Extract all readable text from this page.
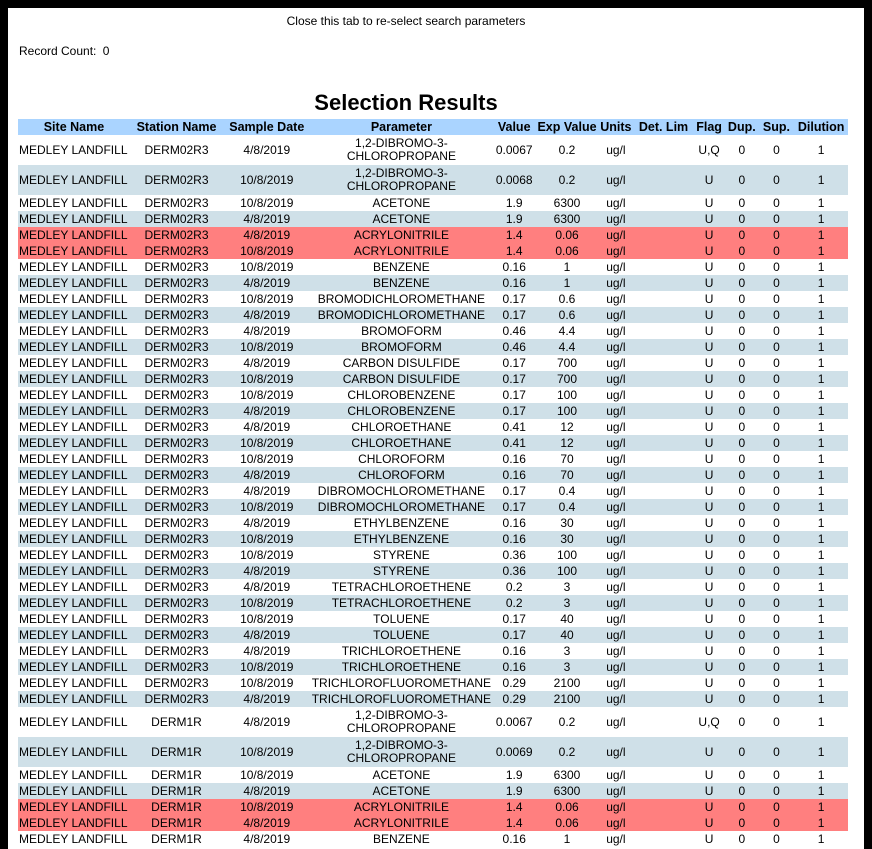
Close this tab to re-select search parameters
Record Count: 0
Selection Results
Site Name	Station Name	Sample Date	Parameter	Value	Exp Value	Units	Det. Lim	Flag	Dup.	Sup.	Dilution
MEDLEY LANDFILL	DERM02R3	4/8/2019	1,2-DIBROMO-3-CHLOROPROPANE	0.0067	0.2	ug/l		U,Q	0	0	1
MEDLEY LANDFILL	DERM02R3	10/8/2019	1,2-DIBROMO-3-CHLOROPROPANE	0.0068	0.2	ug/l		U	0	0	1
MEDLEY LANDFILL	DERM02R3	10/8/2019	ACETONE	1.9	6300	ug/l		U	0	0	1
MEDLEY LANDFILL	DERM02R3	4/8/2019	ACETONE	1.9	6300	ug/l		U	0	0	1
MEDLEY LANDFILL	DERM02R3	4/8/2019	ACRYLONITRILE	1.4	0.06	ug/l		U	0	0	1
MEDLEY LANDFILL	DERM02R3	10/8/2019	ACRYLONITRILE	1.4	0.06	ug/l		U	0	0	1
MEDLEY LANDFILL	DERM02R3	10/8/2019	BENZENE	0.16	1	ug/l		U	0	0	1
MEDLEY LANDFILL	DERM02R3	4/8/2019	BENZENE	0.16	1	ug/l		U	0	0	1
MEDLEY LANDFILL	DERM02R3	10/8/2019	BROMODICHLOROMETHANE	0.17	0.6	ug/l		U	0	0	1
MEDLEY LANDFILL	DERM02R3	4/8/2019	BROMODICHLOROMETHANE	0.17	0.6	ug/l		U	0	0	1
MEDLEY LANDFILL	DERM02R3	4/8/2019	BROMOFORM	0.46	4.4	ug/l		U	0	0	1
MEDLEY LANDFILL	DERM02R3	10/8/2019	BROMOFORM	0.46	4.4	ug/l		U	0	0	1
MEDLEY LANDFILL	DERM02R3	4/8/2019	CARBON DISULFIDE	0.17	700	ug/l		U	0	0	1
MEDLEY LANDFILL	DERM02R3	10/8/2019	CARBON DISULFIDE	0.17	700	ug/l		U	0	0	1
MEDLEY LANDFILL	DERM02R3	10/8/2019	CHLOROBENZENE	0.17	100	ug/l		U	0	0	1
MEDLEY LANDFILL	DERM02R3	4/8/2019	CHLOROBENZENE	0.17	100	ug/l		U	0	0	1
MEDLEY LANDFILL	DERM02R3	4/8/2019	CHLOROETHANE	0.41	12	ug/l		U	0	0	1
MEDLEY LANDFILL	DERM02R3	10/8/2019	CHLOROETHANE	0.41	12	ug/l		U	0	0	1
MEDLEY LANDFILL	DERM02R3	10/8/2019	CHLOROFORM	0.16	70	ug/l		U	0	0	1
MEDLEY LANDFILL	DERM02R3	4/8/2019	CHLOROFORM	0.16	70	ug/l		U	0	0	1
MEDLEY LANDFILL	DERM02R3	4/8/2019	DIBROMOCHLOROMETHANE	0.17	0.4	ug/l		U	0	0	1
MEDLEY LANDFILL	DERM02R3	10/8/2019	DIBROMOCHLOROMETHANE	0.17	0.4	ug/l		U	0	0	1
MEDLEY LANDFILL	DERM02R3	4/8/2019	ETHYLBENZENE	0.16	30	ug/l		U	0	0	1
MEDLEY LANDFILL	DERM02R3	10/8/2019	ETHYLBENZENE	0.16	30	ug/l		U	0	0	1
MEDLEY LANDFILL	DERM02R3	10/8/2019	STYRENE	0.36	100	ug/l		U	0	0	1
MEDLEY LANDFILL	DERM02R3	4/8/2019	STYRENE	0.36	100	ug/l		U	0	0	1
MEDLEY LANDFILL	DERM02R3	4/8/2019	TETRACHLOROETHENE	0.2	3	ug/l		U	0	0	1
MEDLEY LANDFILL	DERM02R3	10/8/2019	TETRACHLOROETHENE	0.2	3	ug/l		U	0	0	1
MEDLEY LANDFILL	DERM02R3	10/8/2019	TOLUENE	0.17	40	ug/l		U	0	0	1
MEDLEY LANDFILL	DERM02R3	4/8/2019	TOLUENE	0.17	40	ug/l		U	0	0	1
MEDLEY LANDFILL	DERM02R3	4/8/2019	TRICHLOROETHENE	0.16	3	ug/l		U	0	0	1
MEDLEY LANDFILL	DERM02R3	10/8/2019	TRICHLOROETHENE	0.16	3	ug/l		U	0	0	1
MEDLEY LANDFILL	DERM02R3	10/8/2019	TRICHLOROFLUOROMETHANE	0.29	2100	ug/l		U	0	0	1
MEDLEY LANDFILL	DERM02R3	4/8/2019	TRICHLOROFLUOROMETHANE	0.29	2100	ug/l		U	0	0	1
MEDLEY LANDFILL	DERM1R	4/8/2019	1,2-DIBROMO-3-CHLOROPROPANE	0.0067	0.2	ug/l		U,Q	0	0	1
MEDLEY LANDFILL	DERM1R	10/8/2019	1,2-DIBROMO-3-CHLOROPROPANE	0.0069	0.2	ug/l		U	0	0	1
MEDLEY LANDFILL	DERM1R	10/8/2019	ACETONE	1.9	6300	ug/l		U	0	0	1
MEDLEY LANDFILL	DERM1R	4/8/2019	ACETONE	1.9	6300	ug/l		U	0	0	1
MEDLEY LANDFILL	DERM1R	10/8/2019	ACRYLONITRILE	1.4	0.06	ug/l		U	0	0	1
MEDLEY LANDFILL	DERM1R	4/8/2019	ACRYLONITRILE	1.4	0.06	ug/l		U	0	0	1
MEDLEY LANDFILL	DERM1R	4/8/2019	BENZENE	0.16	1	ug/l		U	0	0	1
